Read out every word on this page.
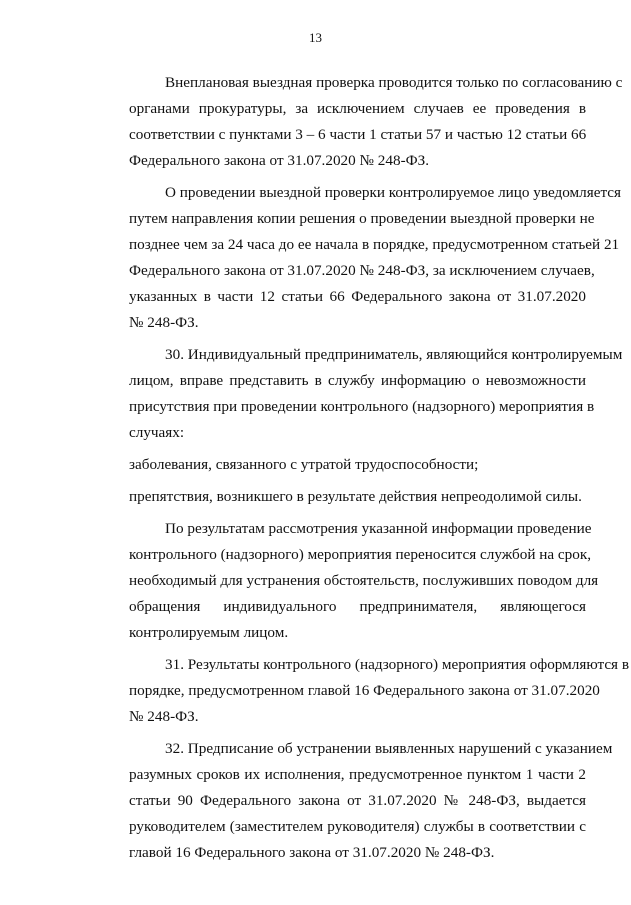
13

Внеплановая выездная проверка проводится только по согласованию с
органами прокуратуры, за исключением случаев ее проведения в
соответствии с пунктами 3 – 6 части 1 статьи 57 и частью 12 статьи 66
Федерального закона от 31.07.2020 № 248-ФЗ.

О проведении выездной проверки контролируемое лицо уведомляется
путем направления копии решения о проведении выездной проверки не
позднее чем за 24 часа до ее начала в порядке, предусмотренном статьей 21
Федерального закона от 31.07.2020 № 248-ФЗ, за исключением случаев,
указанных в части 12 статьи 66 Федерального закона от 31.07.2020
№ 248-ФЗ.

30. Индивидуальный предприниматель, являющийся контролируемым
лицом, вправе представить в службу информацию о невозможности
присутствия при проведении контрольного (надзорного) мероприятия в
случаях:

заболевания, связанного с утратой трудоспособности;

препятствия, возникшего в результате действия непреодолимой силы.

По результатам рассмотрения указанной информации проведение
контрольного (надзорного) мероприятия переносится службой на срок,
необходимый для устранения обстоятельств, послуживших поводом для
обращения индивидуального предпринимателя, являющегося
контролируемым лицом.

31. Результаты контрольного (надзорного) мероприятия оформляются в
порядке, предусмотренном главой 16 Федерального закона от 31.07.2020
№ 248-ФЗ.

32. Предписание об устранении выявленных нарушений с указанием
разумных сроков их исполнения, предусмотренное пунктом 1 части 2
статьи 90 Федерального закона от 31.07.2020 № 248-ФЗ, выдается
руководителем (заместителем руководителя) службы в соответствии с
главой 16 Федерального закона от 31.07.2020 № 248-ФЗ.
